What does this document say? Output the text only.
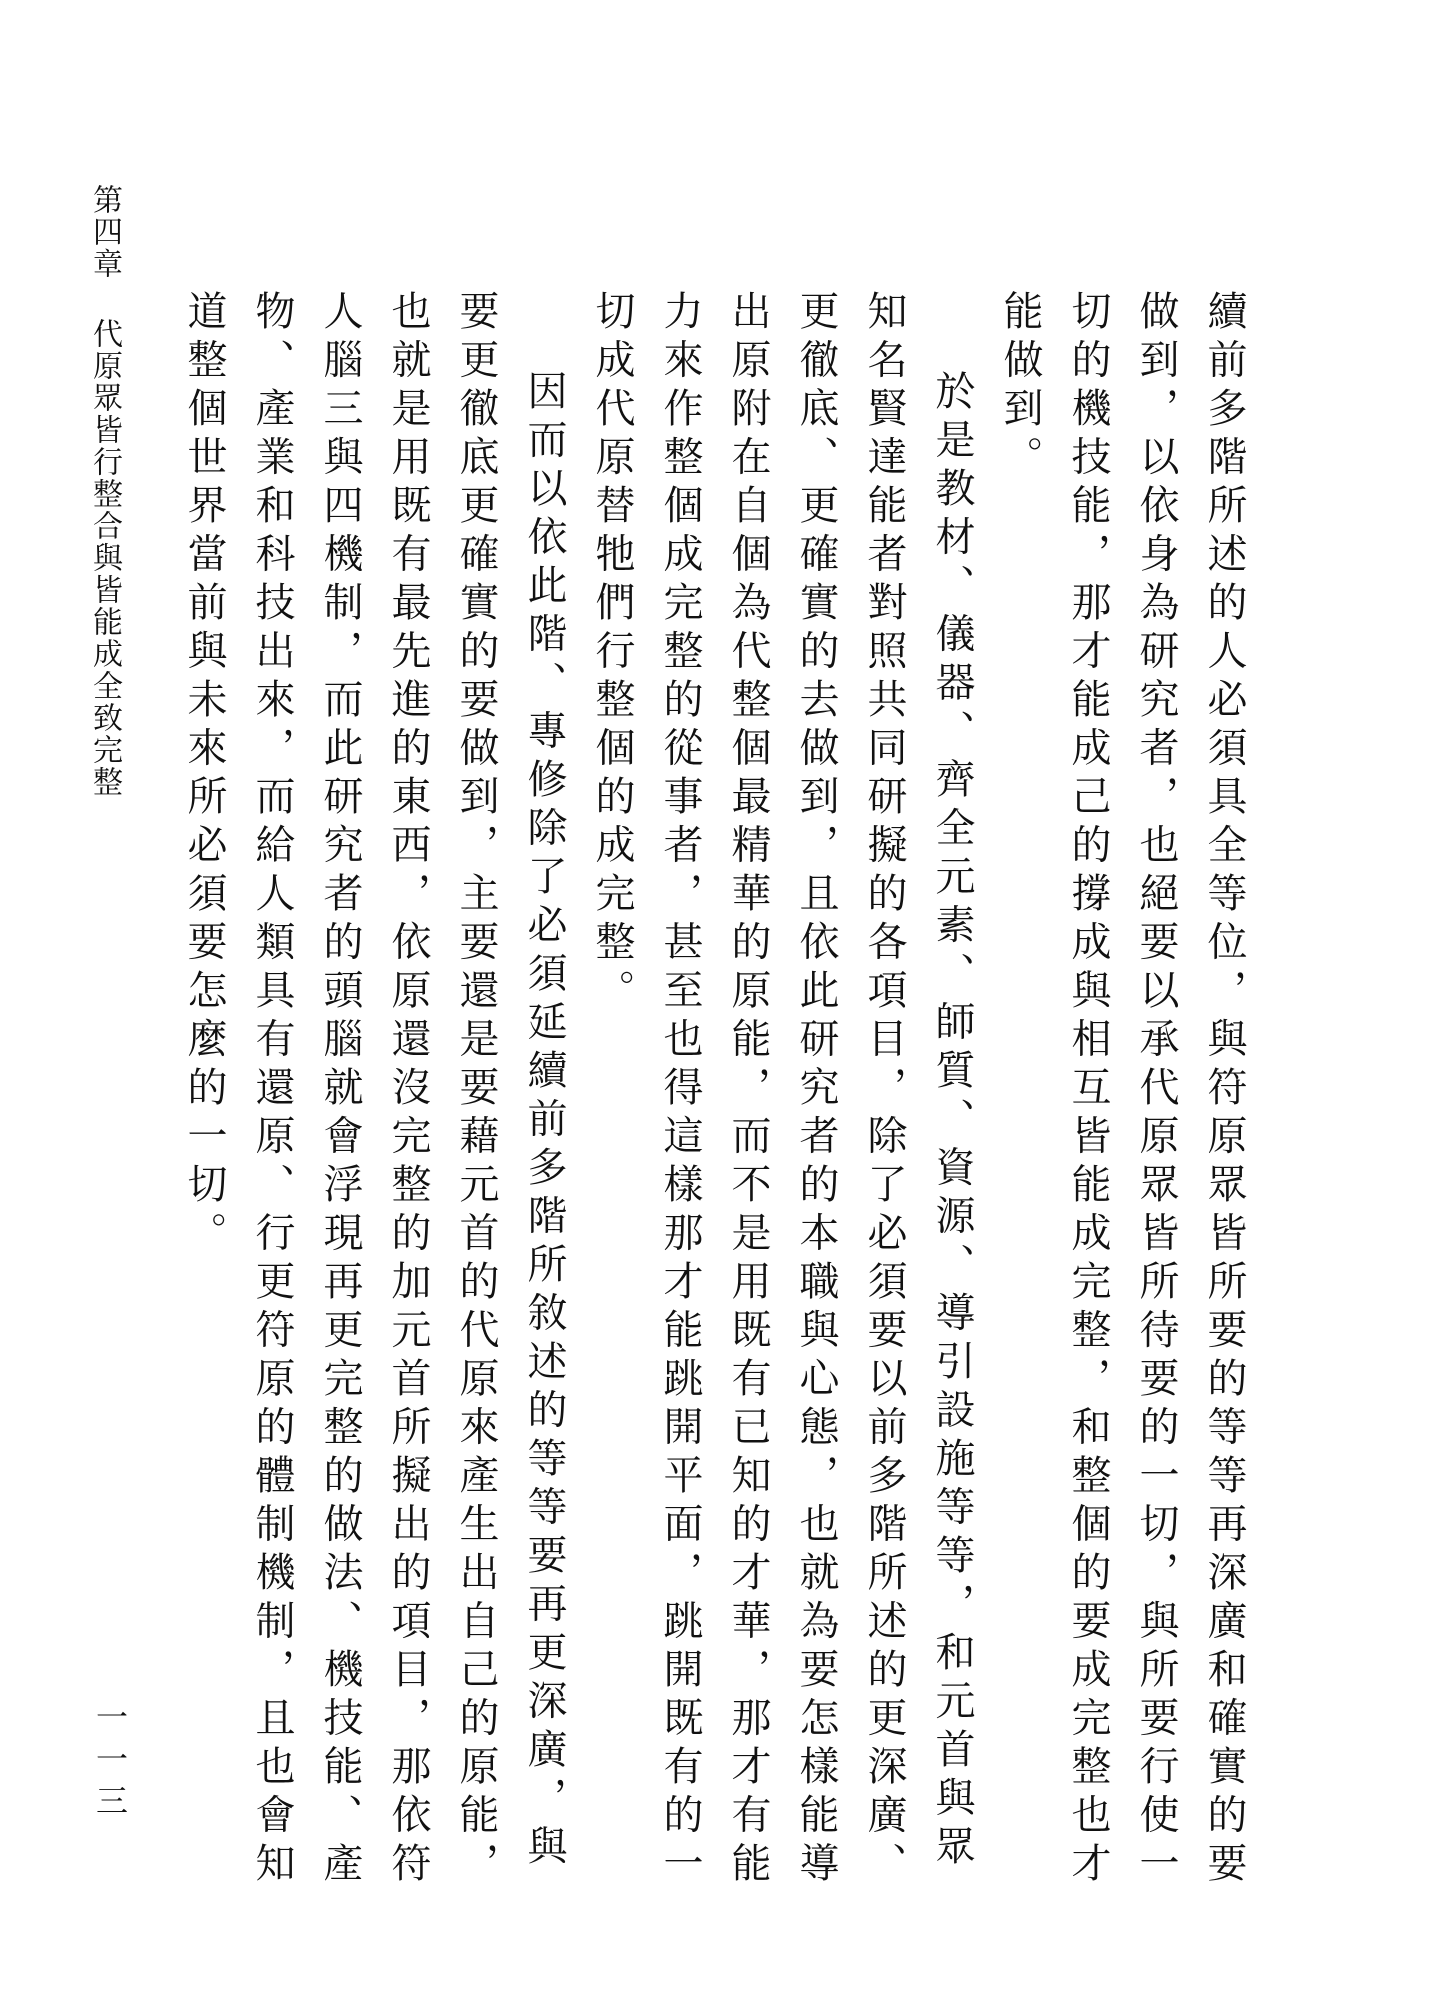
第四章代原眾皆行整合與皆能成全致完整
一一三	續前多階所述的人必須具全等位，與符原眾皆所要的等等再深廣和確實的要做到，以依身為研究者，也絕要以承代原眾皆所待要的一切，與所要行使一切的機技能，那才能成己的撐成與相互皆能成完整，和整個的要成完整也才能做到。

於是教材、儀器、齊全元素、師質、資源、導引設施等等，和元首與眾知名賢達能者對照共同研擬的各項目，除了必須要以前多階所述的更深廣、更徹底、更確實的去做到，且依此研究者的本職與心態，也就為要怎樣能導出原附在自個為代整個最精華的原能，而不是用既有已知的才華，那才有能力來作整個成完整的從事者，甚至也得這樣那才能跳開平面，跳開既有的一切成代原替牠們行整個的成完整。

因而以依此階、專修除了必須延續前多階所敘述的等等要再更深廣，與要更徹底更確實的要做到，主要還是要藉元首的代原來產生出自己的原能，也就是用既有最先進的東西，依原還沒完整的加元首所擬出的項目，那依符人腦三與四機制，而此研究者的頭腦就會浮現再更完整的做法、機技能、產物、產業和科技出來，而給人類具有還原、行更符原的體制機制，且也會知道整個世界當前與未來所必須要怎麼的一切。
